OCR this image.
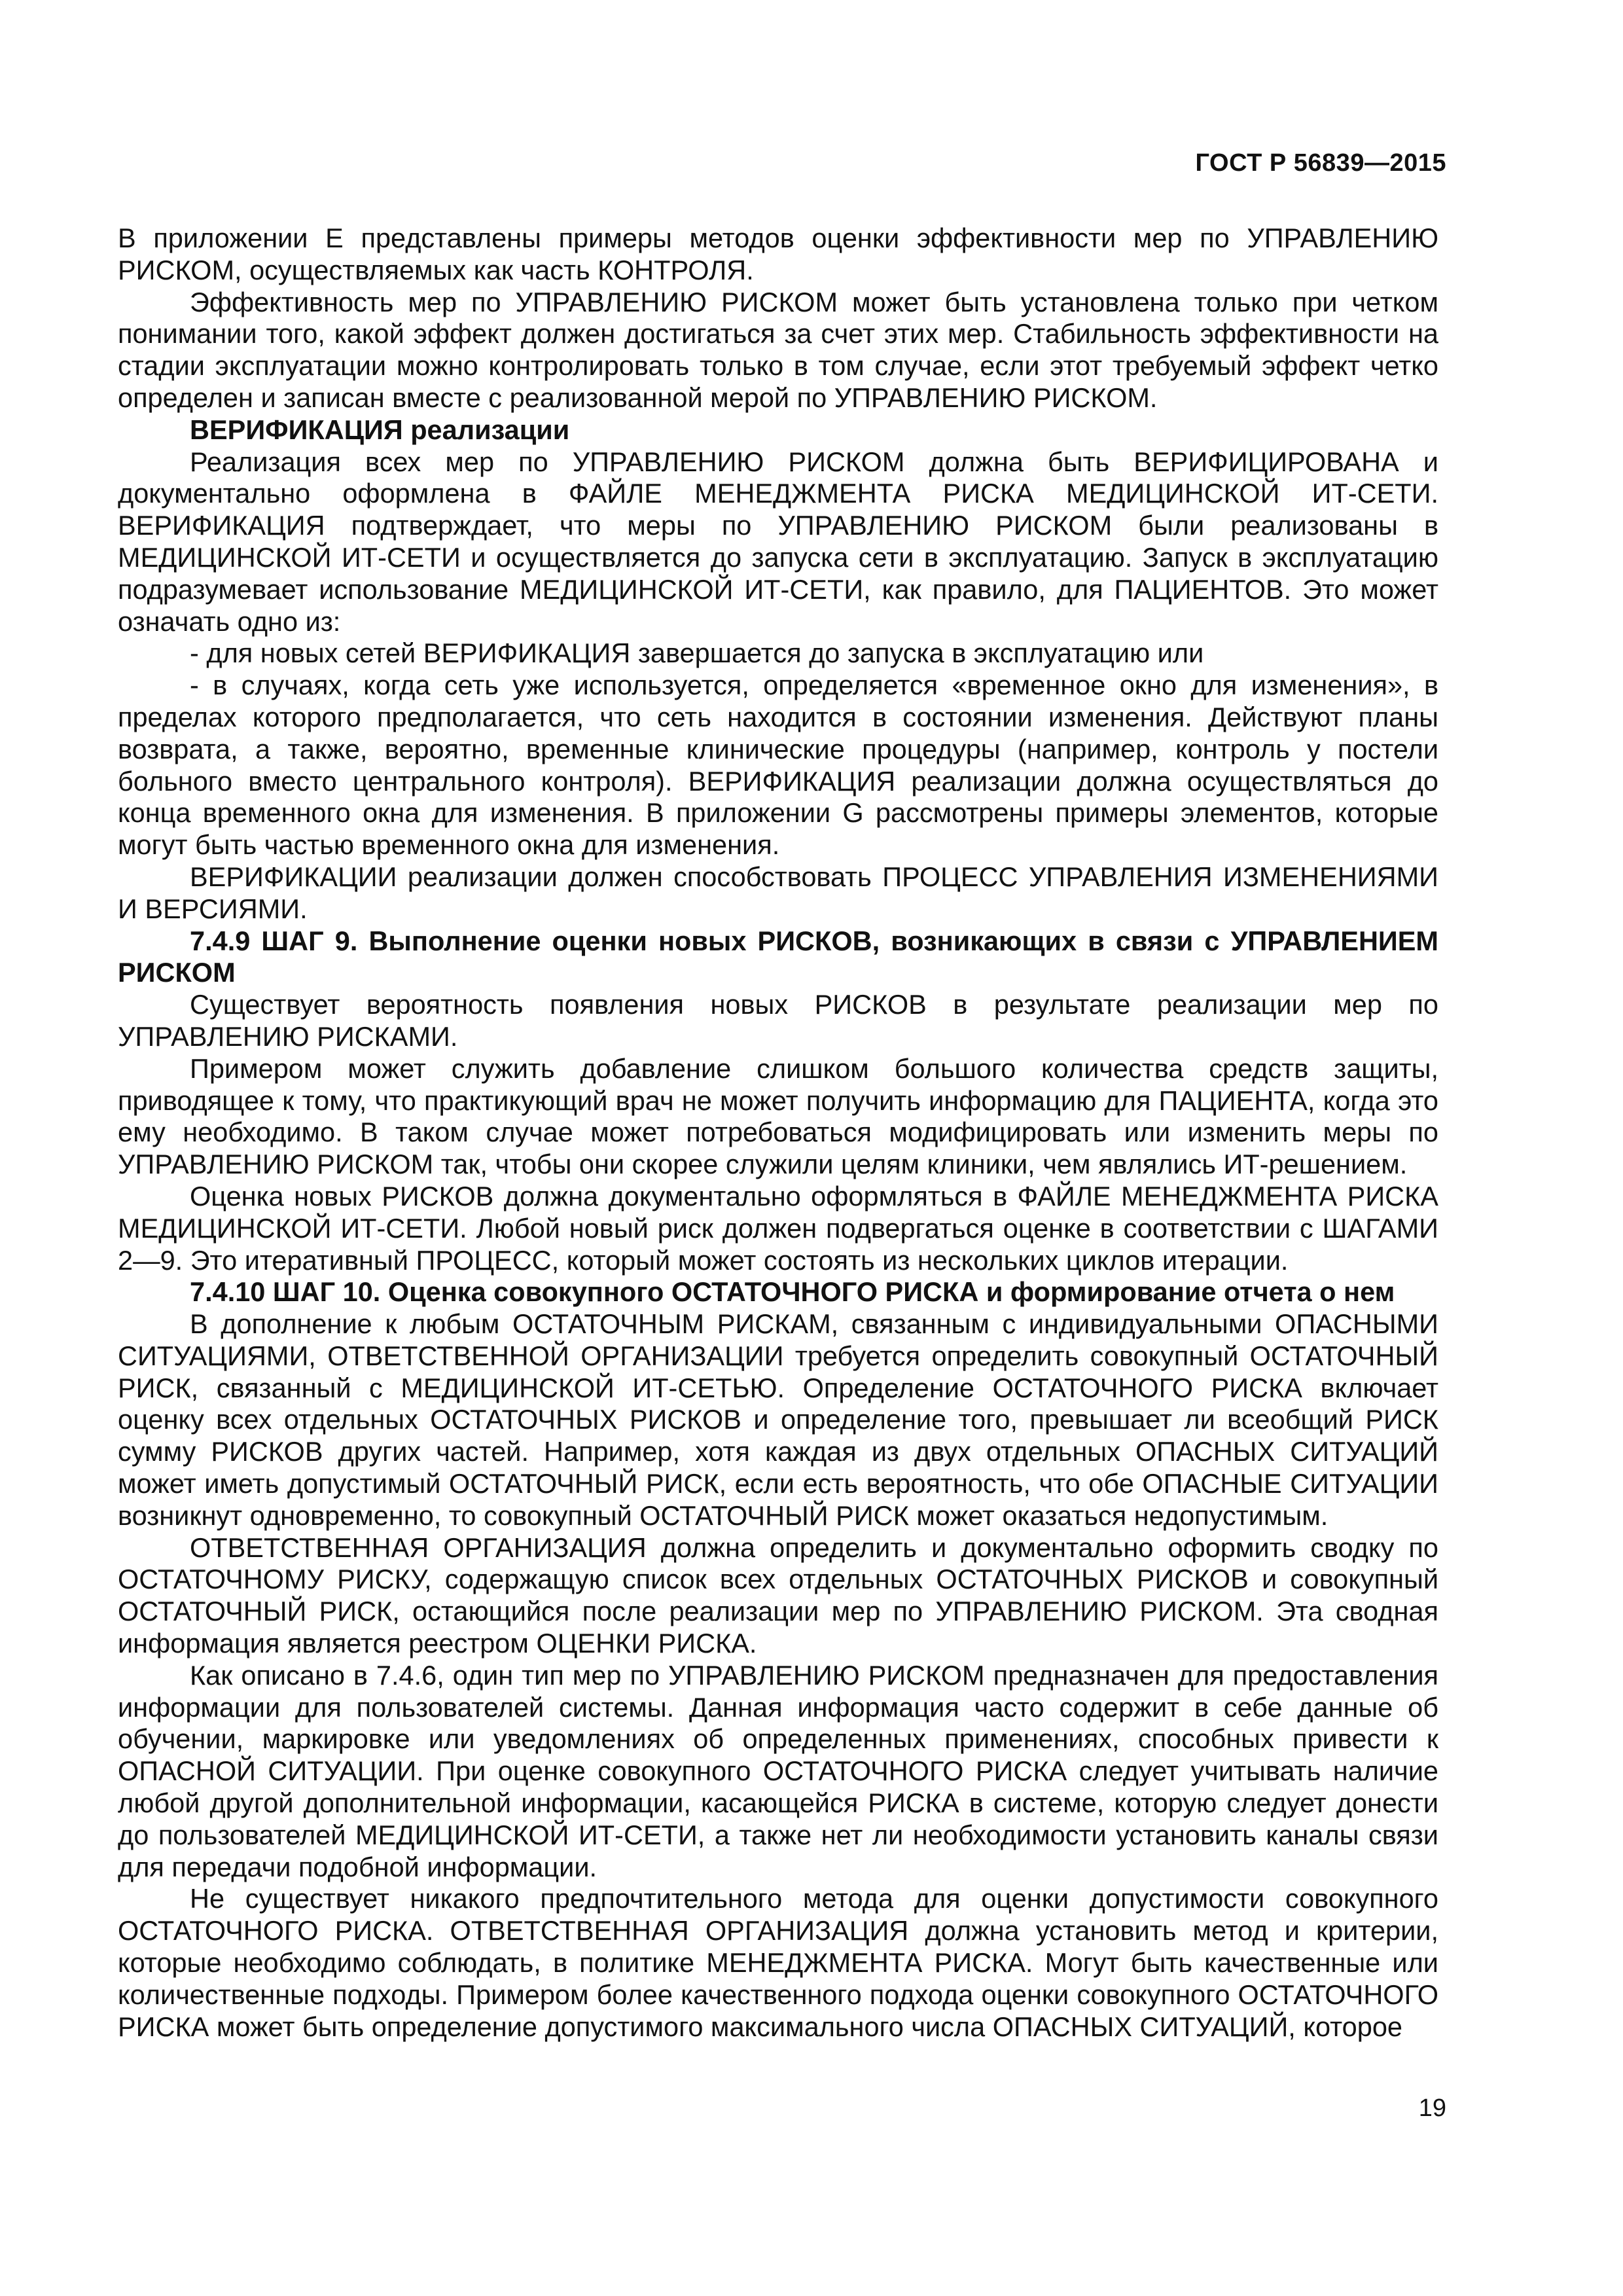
ГОСТ Р 56839—2015

В приложении Е представлены примеры методов оценки эффективности мер по УПРАВЛЕНИЮ РИСКОМ, осуществляемых как часть КОНТРОЛЯ.

Эффективность мер по УПРАВЛЕНИЮ РИСКОМ может быть установлена только при четком понимании того, какой эффект должен достигаться за счет этих мер. Стабильность эффективности на стадии эксплуатации можно контролировать только в том случае, если этот требуемый эффект четко определен и записан вместе с реализованной мерой по УПРАВЛЕНИЮ РИСКОМ.

ВЕРИФИКАЦИЯ реализации

Реализация всех мер по УПРАВЛЕНИЮ РИСКОМ должна быть ВЕРИФИЦИРОВАНА и документально оформлена в ФАЙЛЕ МЕНЕДЖМЕНТА РИСКА МЕДИЦИНСКОЙ ИТ-СЕТИ. ВЕРИФИКАЦИЯ подтверждает, что меры по УПРАВЛЕНИЮ РИСКОМ были реализованы в МЕДИЦИНСКОЙ ИТ-СЕТИ и осуществляется до запуска сети в эксплуатацию. Запуск в эксплуатацию подразумевает использование МЕДИЦИНСКОЙ ИТ-СЕТИ, как правило, для ПАЦИЕНТОВ. Это может означать одно из:

- для новых сетей ВЕРИФИКАЦИЯ завершается до запуска в эксплуатацию или

- в случаях, когда сеть уже используется, определяется «временное окно для изменения», в пределах которого предполагается, что сеть находится в состоянии изменения. Действуют планы возврата, а также, вероятно, временные клинические процедуры (например, контроль у постели больного вместо центрального контроля). ВЕРИФИКАЦИЯ реализации должна осуществляться до конца временного окна для изменения. В приложении G рассмотрены примеры элементов, которые могут быть частью временного окна для изменения.

ВЕРИФИКАЦИИ реализации должен способствовать ПРОЦЕСС УПРАВЛЕНИЯ ИЗМЕНЕНИЯМИ И ВЕРСИЯМИ.

7.4.9 ШАГ 9. Выполнение оценки новых РИСКОВ, возникающих в связи с УПРАВЛЕНИЕМ РИСКОМ

Существует вероятность появления новых РИСКОВ в результате реализации мер по УПРАВЛЕНИЮ РИСКАМИ.

Примером может служить добавление слишком большого количества средств защиты, приводящее к тому, что практикующий врач не может получить информацию для ПАЦИЕНТА, когда это ему необходимо. В таком случае может потребоваться модифицировать или изменить меры по УПРАВЛЕНИЮ РИСКОМ так, чтобы они скорее служили целям клиники, чем являлись ИТ-решением.

Оценка новых РИСКОВ должна документально оформляться в ФАЙЛЕ МЕНЕДЖМЕНТА РИСКА МЕДИЦИНСКОЙ ИТ-СЕТИ. Любой новый риск должен подвергаться оценке в соответствии с ШАГАМИ 2—9. Это итеративный ПРОЦЕСС, который может состоять из нескольких циклов итерации.

7.4.10 ШАГ 10. Оценка совокупного ОСТАТОЧНОГО РИСКА и формирование отчета о нем

В дополнение к любым ОСТАТОЧНЫМ РИСКАМ, связанным с индивидуальными ОПАСНЫМИ СИТУАЦИЯМИ, ОТВЕТСТВЕННОЙ ОРГАНИЗАЦИИ требуется определить совокупный ОСТАТОЧНЫЙ РИСК, связанный с МЕДИЦИНСКОЙ ИТ-СЕТЬЮ. Определение ОСТАТОЧНОГО РИСКА включает оценку всех отдельных ОСТАТОЧНЫХ РИСКОВ и определение того, превышает ли всеобщий РИСК сумму РИСКОВ других частей. Например, хотя каждая из двух отдельных ОПАСНЫХ СИТУАЦИЙ может иметь допустимый ОСТАТОЧНЫЙ РИСК, если есть вероятность, что обе ОПАСНЫЕ СИТУАЦИИ возникнут одновременно, то совокупный ОСТАТОЧНЫЙ РИСК может оказаться недопустимым.

ОТВЕТСТВЕННАЯ ОРГАНИЗАЦИЯ должна определить и документально оформить сводку по ОСТАТОЧНОМУ РИСКУ, содержащую список всех отдельных ОСТАТОЧНЫХ РИСКОВ и совокупный ОСТАТОЧНЫЙ РИСК, остающийся после реализации мер по УПРАВЛЕНИЮ РИСКОМ. Эта сводная информация является реестром ОЦЕНКИ РИСКА.

Как описано в 7.4.6, один тип мер по УПРАВЛЕНИЮ РИСКОМ предназначен для предоставления информации для пользователей системы. Данная информация часто содержит в себе данные об обучении, маркировке или уведомлениях об определенных применениях, способных привести к ОПАСНОЙ СИТУАЦИИ. При оценке совокупного ОСТАТОЧНОГО РИСКА следует учитывать наличие любой другой дополнительной информации, касающейся РИСКА в системе, которую следует донести до пользователей МЕДИЦИНСКОЙ ИТ-СЕТИ, а также нет ли необходимости установить каналы связи для передачи подобной информации.

Не существует никакого предпочтительного метода для оценки допустимости совокупного ОСТАТОЧНОГО РИСКА. ОТВЕТСТВЕННАЯ ОРГАНИЗАЦИЯ должна установить метод и критерии, которые необходимо соблюдать, в политике МЕНЕДЖМЕНТА РИСКА. Могут быть качественные или количественные подходы. Примером более качественного подхода оценки совокупного ОСТАТОЧНОГО РИСКА может быть определение допустимого максимального числа ОПАСНЫХ СИТУАЦИЙ, которое

19
